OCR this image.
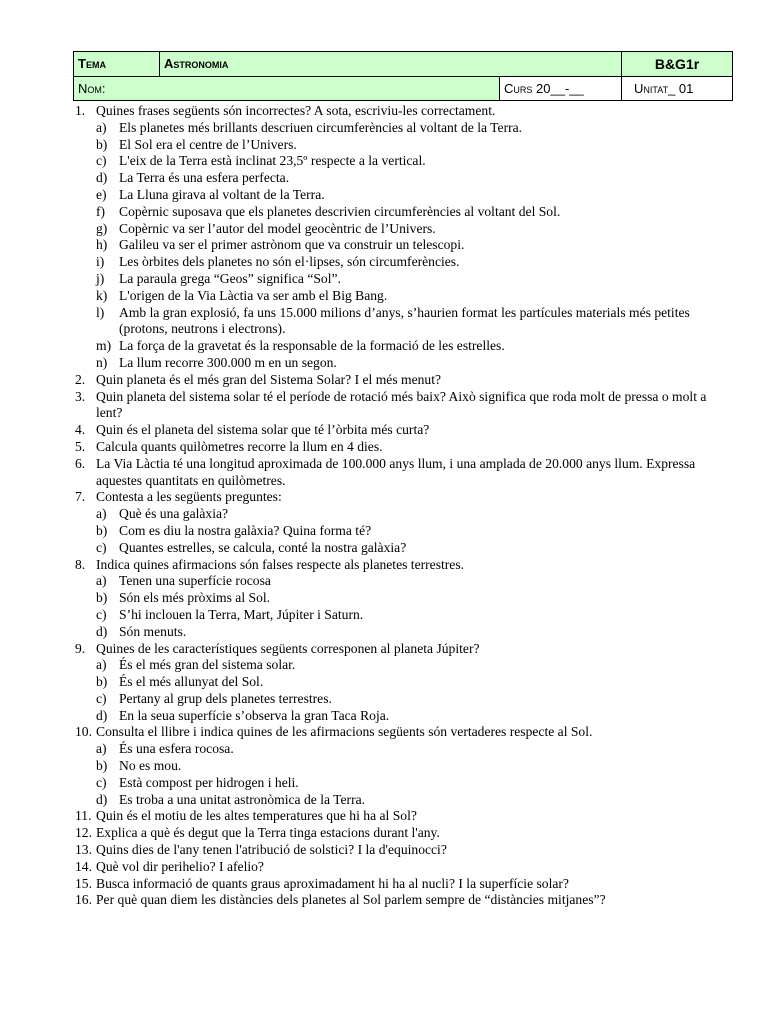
Tema	Astronomia		B&G1r
Nom:		Curs 20__-__	Unitat_ 01
1. Quines frases següents són incorrectes? A sota, escriviu-les correctament.
a) Els planetes més brillants descriuen circumferències al voltant de la Terra.
b) El Sol era el centre de l’Univers.
c) L'eix de la Terra està inclinat 23,5º respecte a la vertical.
d) La Terra és una esfera perfecta.
e) La Lluna girava al voltant de la Terra.
f) Copèrnic suposava que els planetes descrivien circumferències al voltant del Sol.
g) Copèrnic va ser l’autor del model geocèntric de l’Univers.
h) Galileu va ser el primer astrònom que va construir un telescopi.
i) Les òrbites dels planetes no són el·lipses, són circumferències.
j) La paraula grega “Geos” significa “Sol”.
k) L'origen de la Via Làctia va ser amb el Big Bang.
l) Amb la gran explosió, fa uns 15.000 milions d’anys, s’haurien format les partícules materials més petites (protons, neutrons i electrons).
m) La força de la gravetat és la responsable de la formació de les estrelles.
n) La llum recorre 300.000 m en un segon.
2. Quin planeta és el més gran del Sistema Solar? I el més menut?
3. Quin planeta del sistema solar té el període de rotació més baix? Això significa que roda molt de pressa o molt a lent?
4. Quin és el planeta del sistema solar que té l’òrbita més curta?
5. Calcula quants quilòmetres recorre la llum en 4 dies.
6. La Via Làctia té una longitud aproximada de 100.000 anys llum, i una amplada de 20.000 anys llum. Expressa aquestes quantitats en quilòmetres.
7. Contesta a les següents preguntes:
a) Què és una galàxia?
b) Com es diu la nostra galàxia? Quina forma té?
c) Quantes estrelles, se calcula, conté la nostra galàxia?
8. Indica quines afirmacions són falses respecte als planetes terrestres.
a) Tenen una superfície rocosa
b) Són els més pròxims al Sol.
c) S’hi inclouen la Terra, Mart, Júpiter i Saturn.
d) Són menuts.
9. Quines de les característiques següents corresponen al planeta Júpiter?
a) És el més gran del sistema solar.
b) És el més allunyat del Sol.
c) Pertany al grup dels planetes terrestres.
d) En la seua superfície s’observa la gran Taca Roja.
10. Consulta el llibre i indica quines de les afirmacions següents són vertaderes respecte al Sol.
a) És una esfera rocosa.
b) No es mou.
c) Està compost per hidrogen i heli.
d) Es troba a una unitat astronòmica de la Terra.
11. Quin és el motiu de les altes temperatures que hi ha al Sol?
12. Explica a què és degut que la Terra tinga estacions durant l'any.
13. Quins dies de l'any tenen l'atribució de solstici? I la d'equinocci?
14. Què vol dir perihelio? I afelio?
15. Busca informació de quants graus aproximadament hi ha al nucli? I la superfície solar?
16. Per què quan diem les distàncies dels planetes al Sol parlem sempre de “distàncies mitjanes”?
